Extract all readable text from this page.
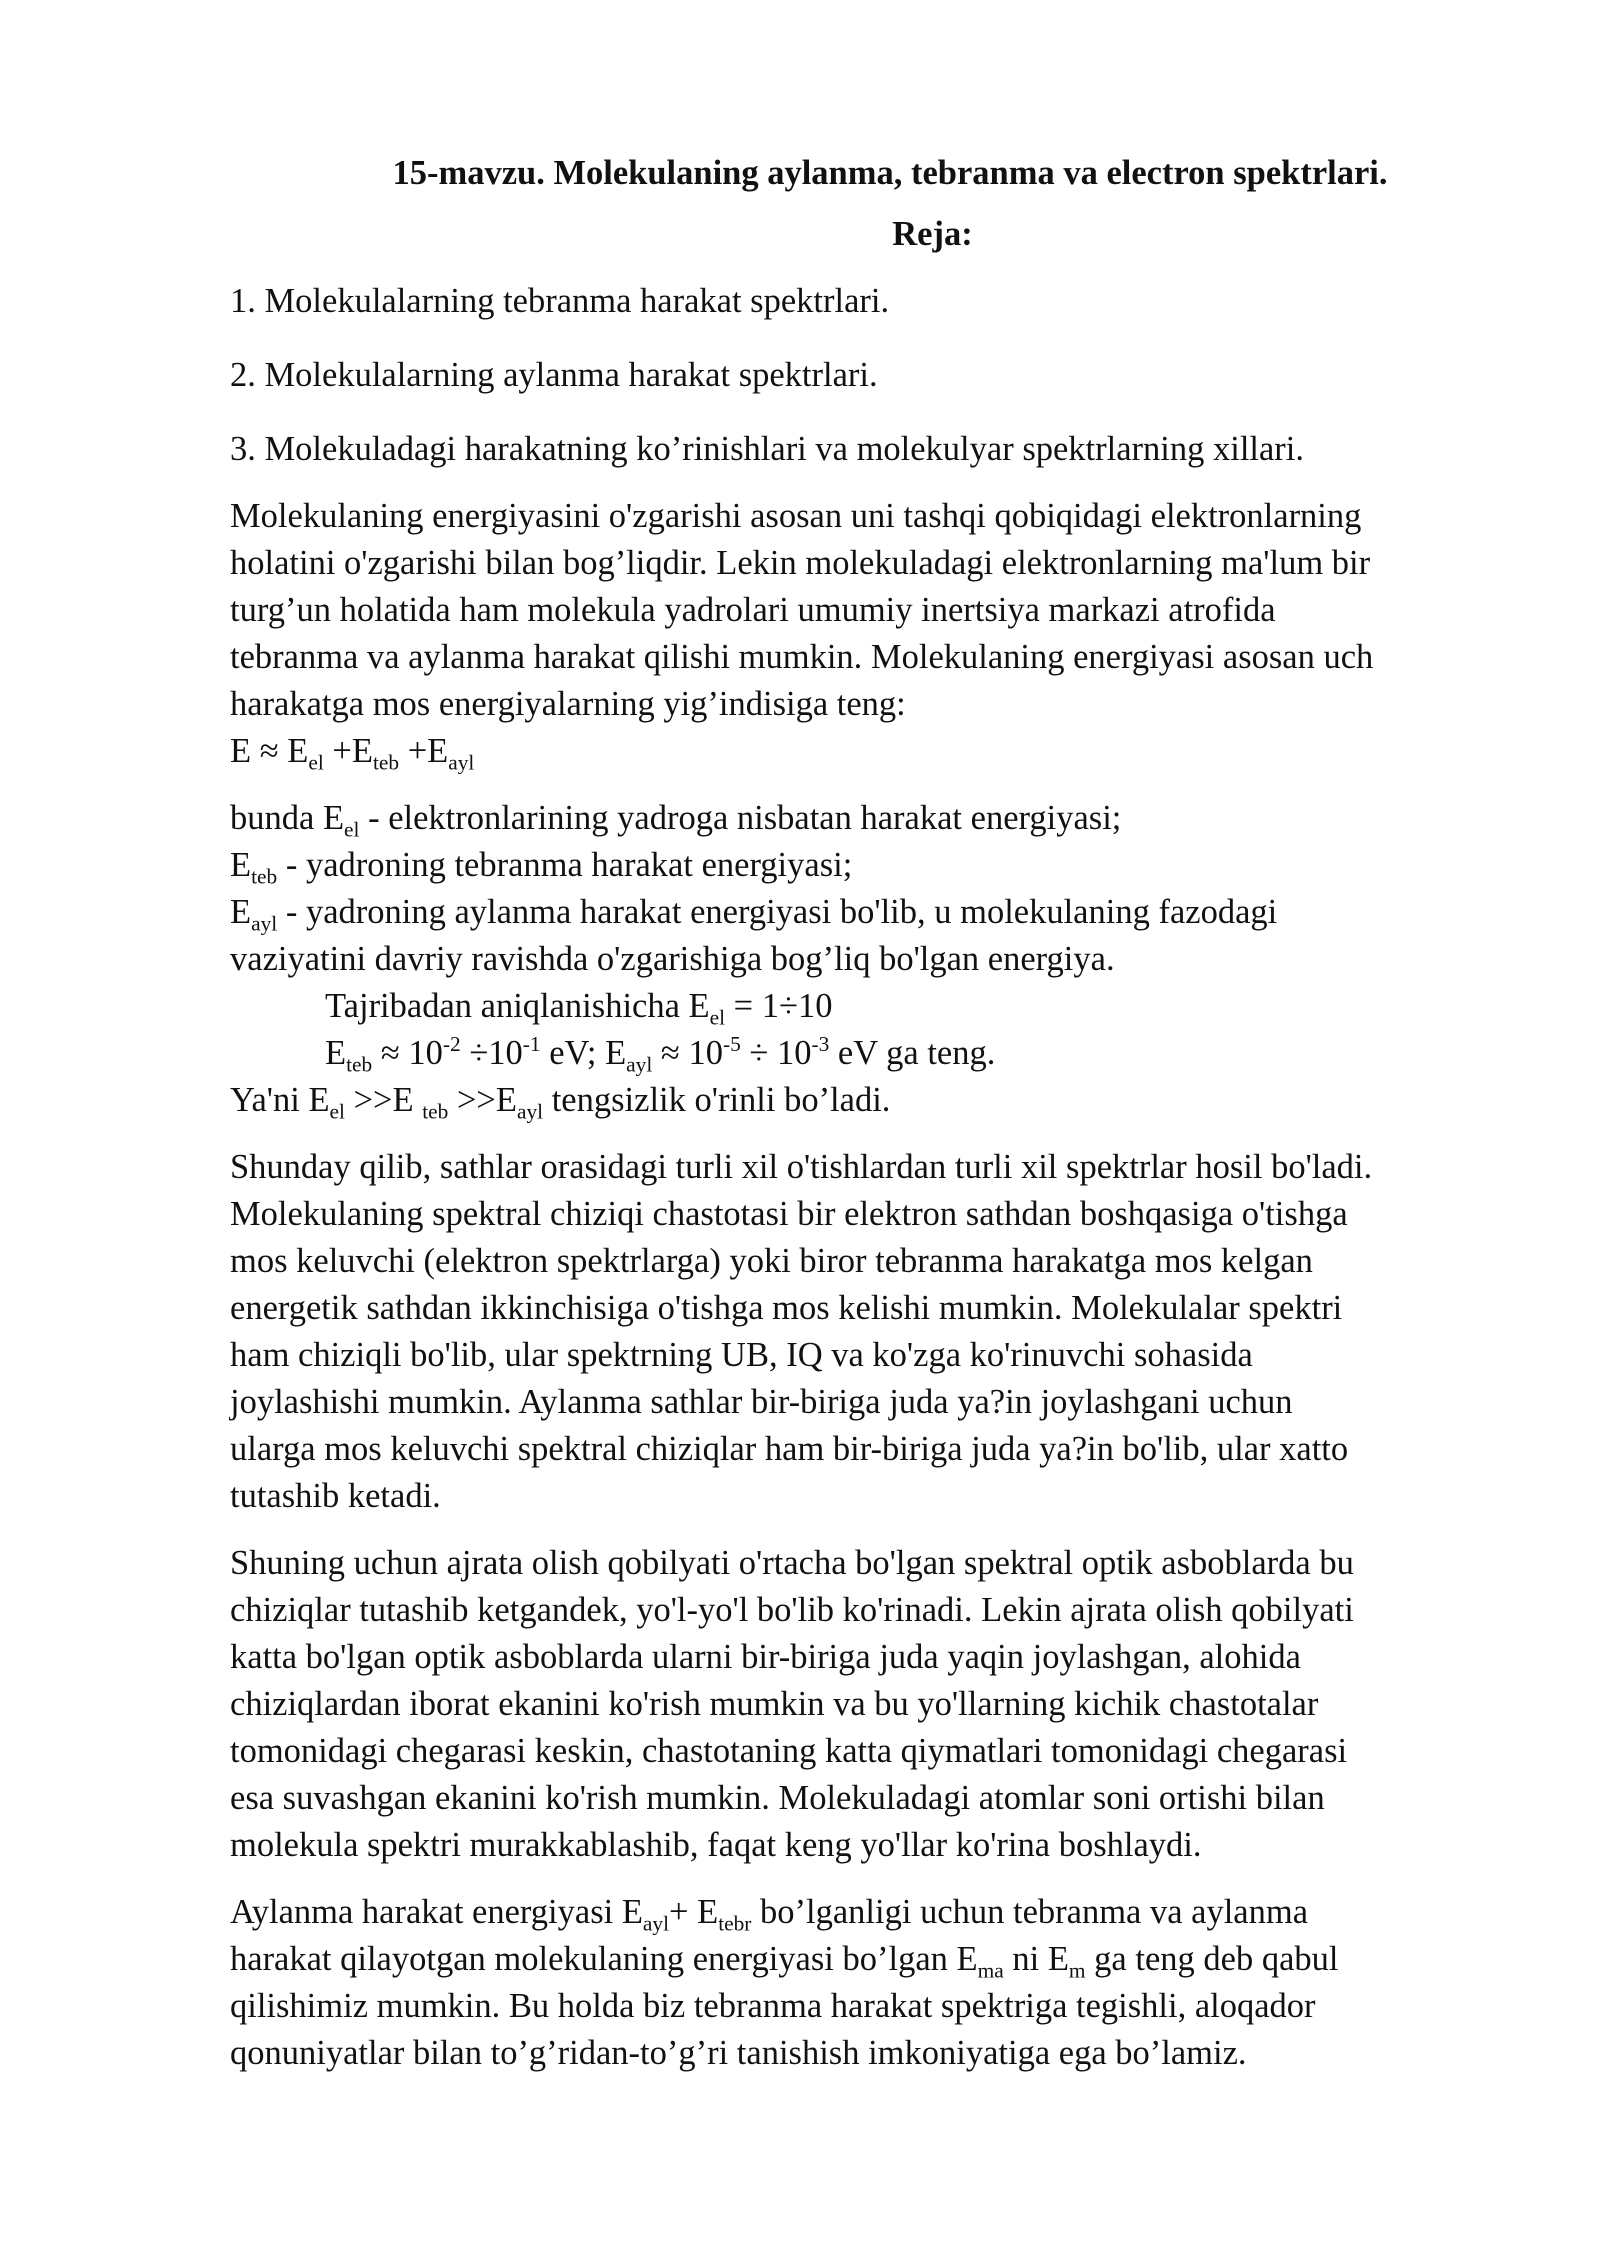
15-mavzu. Molekulaning aylanma, tebranma va electron spektrlari.
Reja:
1. Molekulalarning tebranma harakat spektrlari.
2. Molekulalarning aylanma harakat spektrlari.
3. Molekuladagi harakatning ko’rinishlari va molekulyar spektrlarning xillari.
Molekulaning energiyasini o'zgarishi asosan uni tashqi qobiqidagi elektronlarning
holatini o'zgarishi bilan bog’liqdir. Lekin molekuladagi elektronlarning ma'lum bir
turg’un holatida ham molekula yadrolari umumiy inertsiya markazi atrofida
tebranma va aylanma harakat qilishi mumkin. Molekulaning energiyasi asosan uch
harakatga mos energiyalarning yig’indisiga teng:
$E \approx E_{el} +E_{teb} +E_{ayl}$
bunda $E_{el}$ - elektronlarining yadroga nisbatan harakat energiyasi;
$E_{teb}$ - yadroning tebranma harakat energiyasi;
$E_{ayl}$ - yadroning aylanma harakat energiyasi bo'lib, u molekulaning fazodagi
vaziyatini davriy ravishda o'zgarishiga bog’liq bo'lgan energiya.
Tajribadan aniqlanishicha $E_{el} = 1\div 10$
$E_{teb} \approx 10^{-2} \div 10^{-1}$ eV; $E_{ayl} \approx 10^{-5} \div 10^{-3}$ eV ga teng.
Ya'ni $E_{el} >>E$ $_{teb} >>E_{ayl}$ tengsizlik o'rinli bo’ladi.
Shunday qilib, sathlar orasidagi turli xil o'tishlardan turli xil spektrlar hosil bo'ladi.
Molekulaning spektral chiziqi chastotasi bir elektron sathdan boshqasiga o'tishga
mos keluvchi (elektron spektrlarga) yoki biror tebranma harakatga mos kelgan
energetik sathdan ikkinchisiga o'tishga mos kelishi mumkin. Molekulalar spektri
ham chiziqli bo'lib, ular spektrning UB, IQ va ko'zga ko'rinuvchi sohasida
joylashishi mumkin. Aylanma sathlar bir-biriga juda ya?in joylashgani uchun
ularga mos keluvchi spektral chiziqlar ham bir-biriga juda ya?in bo'lib, ular xatto
tutashib ketadi.
Shuning uchun ajrata olish qobilyati o'rtacha bo'lgan spektral optik asboblarda bu
chiziqlar tutashib ketgandek, yo'l-yo'l bo'lib ko'rinadi. Lekin ajrata olish qobilyati
katta bo'lgan optik asboblarda ularni bir-biriga juda yaqin joylashgan, alohida
chiziqlardan iborat ekanini ko'rish mumkin va bu yo'llarning kichik chastotalar
tomonidagi chegarasi keskin, chastotaning katta qiymatlari tomonidagi chegarasi
esa suvashgan ekanini ko'rish mumkin. Molekuladagi atomlar soni ortishi bilan
molekula spektri murakkablashib, faqat keng yo'llar ko'rina boshlaydi.
Aylanma harakat energiyasi $E_{ayl}+ E_{tebr}$ bo’lganligi uchun tebranma va aylanma
harakat qilayotgan molekulaning energiyasi bo’lgan $E_{ma}$ ni $E_m$ ga teng deb qabul
qilishimiz mumkin. Bu holda biz tebranma harakat spektriga tegishli, aloqador
qonuniyatlar bilan to’g’ridan-to’g’ri tanishish imkoniyatiga ega bo’lamiz.
